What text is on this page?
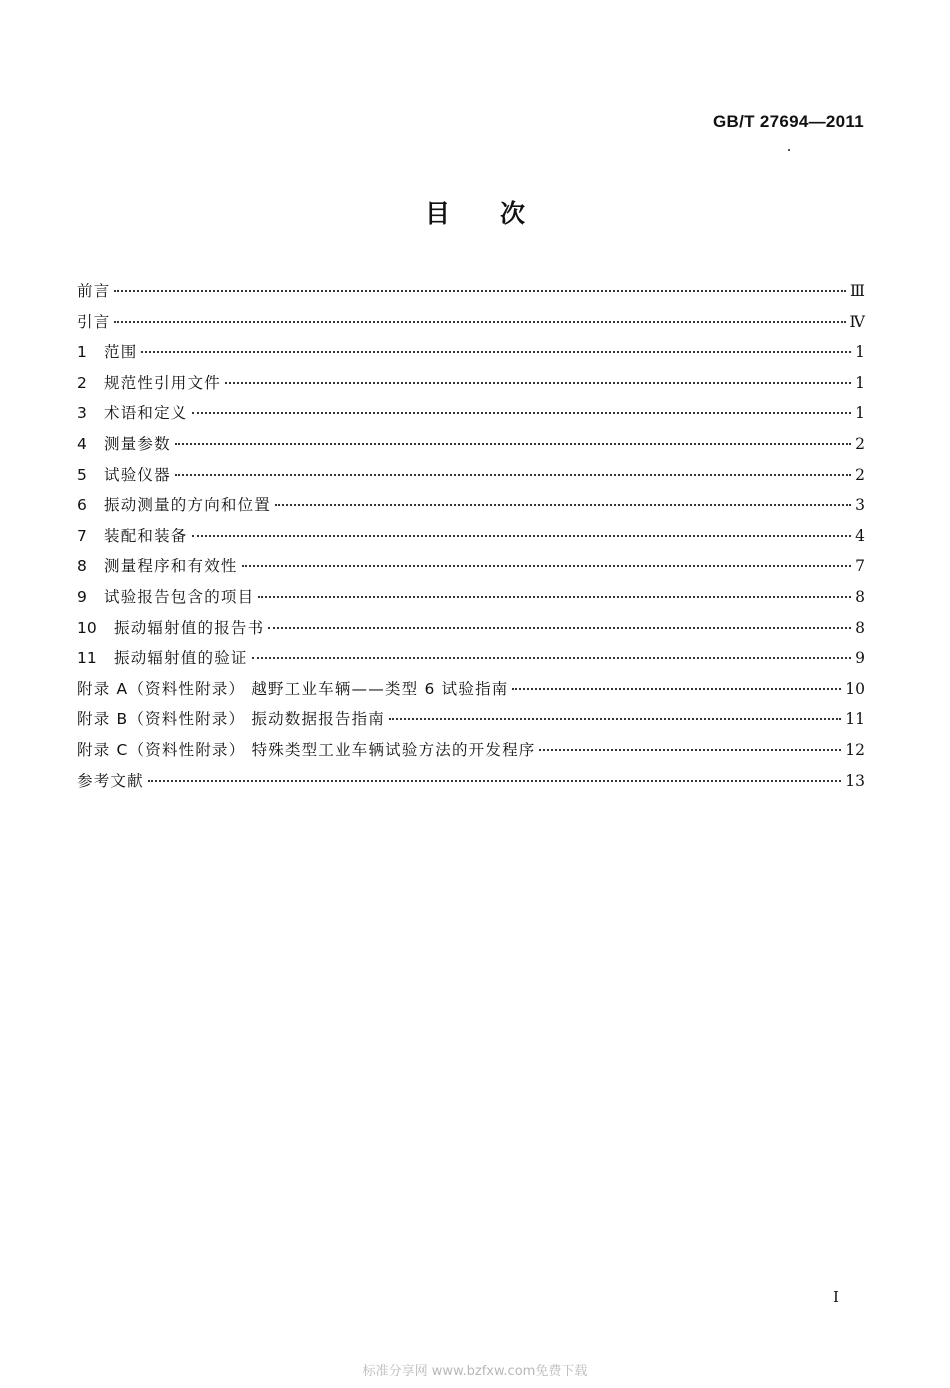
GB/T 27694—2011
目 次
前言	Ⅲ
引言	Ⅳ
1	范围	1
2	规范性引用文件	1
3	术语和定义	1
4	测量参数	2
5	试验仪器	2
6	振动测量的方向和位置	3
7	装配和装备	4
8	测量程序和有效性	7
9	试验报告包含的项目	8
10	振动辐射值的报告书	8
11	振动辐射值的验证	9
附录 A（资料性附录） 越野工业车辆——类型 6 试验指南	10
附录 B（资料性附录） 振动数据报告指南	11
附录 C（资料性附录） 特殊类型工业车辆试验方法的开发程序	12
参考文献	13
I
标准分享网 www.bzfxw.com免费下载
